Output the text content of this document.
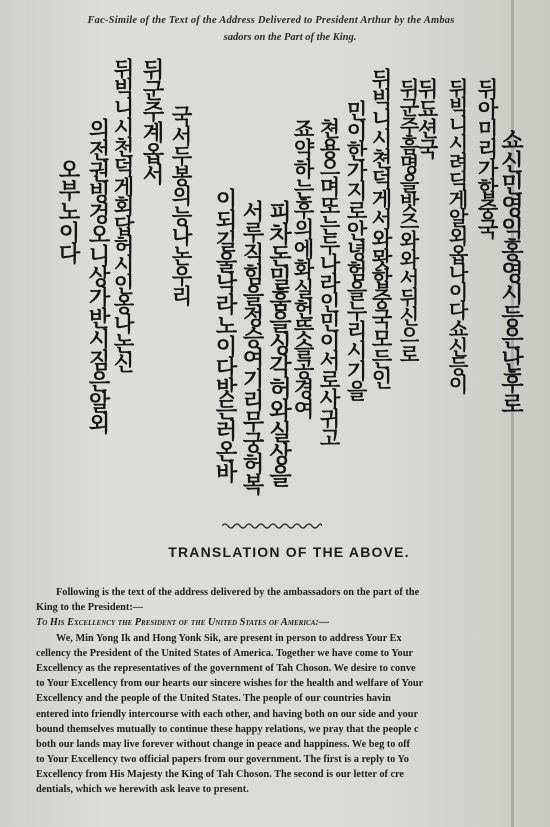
Fac-Simile of the Text of the Address Delivered to President Arthur by the Ambas
sadors on the Part of the King.
쇼신민영익홍영시등은난후로
뒤아미리가합중국
뒤빅니시려딕게알외옵나이다쇼신등이
뒤됴션국
뒤군주흠명을밧즈와와서뒤신으로
뒤빅니시쳔덕게서와뫗합중국모든인
민이한가지로안녕험을누리시기을
쳔용으며또는두나라인민이서로사귀고
죠약하는후의에화실헌뜻슬공경여
피차돈밀훔을싱각허와실상을
서루직힘을정승여기리무궁허복
이되길울낙라노이다밧든러온바
국서두봉의능나논우리
뒤군주계옵서
뒤빅니시천덕게회답허시인옹나논신
의전권빙겅오니상가반시짐은알외
오부노이다
TRANSLATION OF THE ABOVE.
Following is the text of the address delivered by the ambassadors on the part of the
King to the President:—
To His Excellency the President of the United States of America:—
We, Min Yong Ik and Hong Yonk Sik, are present in person to address Your Ex
cellency the President of the United States of America. Together we have come to Your
Excellency as the representatives of the government of Tah Choson. We desire to conve
to Your Excellency from our hearts our sincere wishes for the health and welfare of Your
Excellency and the people of the United States. The people of our countries havin
entered into friendly intercourse with each other, and having both on our side and your
bound themselves mutually to continue these happy relations, we pray that the people c
both our lands may live forever without change in peace and happiness. We beg to off
to Your Excellency two official papers from our government. The first is a reply to Yo
Excellency from His Majesty the King of Tah Choson. The second is our letter of cre
dentials, which we herewith ask leave to present.
